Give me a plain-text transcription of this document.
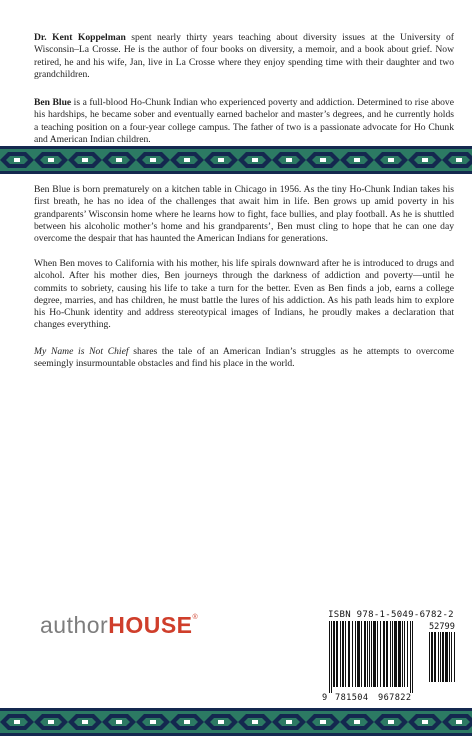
Dr. Kent Koppelman spent nearly thirty years teaching about diversity issues at the University of Wisconsin–La Crosse. He is the author of four books on diversity, a memoir, and a book about grief. Now retired, he and his wife, Jan, live in La Crosse where they enjoy spending time with their daughter and two grandchildren.

Ben Blue is a full-blood Ho-Chunk Indian who experienced poverty and addiction. Determined to rise above his hardships, he became sober and eventually earned bachelor and master’s degrees, and he currently holds a teaching position on a four-year college campus. The father of two is a passionate advocate for Ho Chunk and American Indian children.

Ben Blue is born prematurely on a kitchen table in Chicago in 1956. As the tiny Ho-Chunk Indian takes his first breath, he has no idea of the challenges that await him in life. Ben grows up amid poverty in his grandparents’ Wisconsin home where he learns how to fight, face bullies, and play football. As he is shuttled between his alcoholic mother’s home and his grandparents’, Ben must cling to hope that he can one day overcome the despair that has haunted the American Indians for generations.

When Ben moves to California with his mother, his life spirals downward after he is introduced to drugs and alcohol. After his mother dies, Ben journeys through the darkness of addiction and poverty—until he commits to sobriety, causing his life to take a turn for the better. Even as Ben finds a job, earns a college degree, marries, and has children, he must battle the lures of his addiction. As his path leads him to explore his Ho-Chunk identity and address stereotypical images of Indians, he proudly makes a declaration that changes everything.

My Name is Not Chief shares the tale of an American Indian’s struggles as he attempts to overcome seemingly insurmountable obstacles and find his place in the world.

authorHOUSE®	ISBN 978-1-5049-6782-2
52799
9 781504 967822
